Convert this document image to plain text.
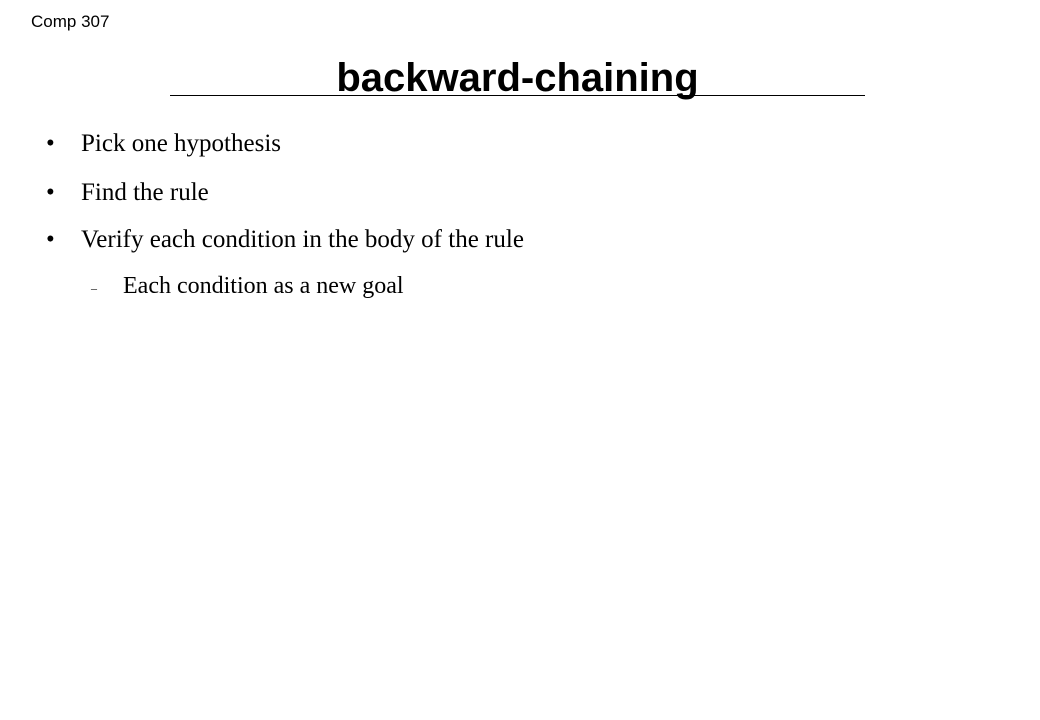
Comp 307
backward-chaining
• Pick one hypothesis
• Find the rule
• Verify each condition in the body of the rule
– Each condition as a new goal
